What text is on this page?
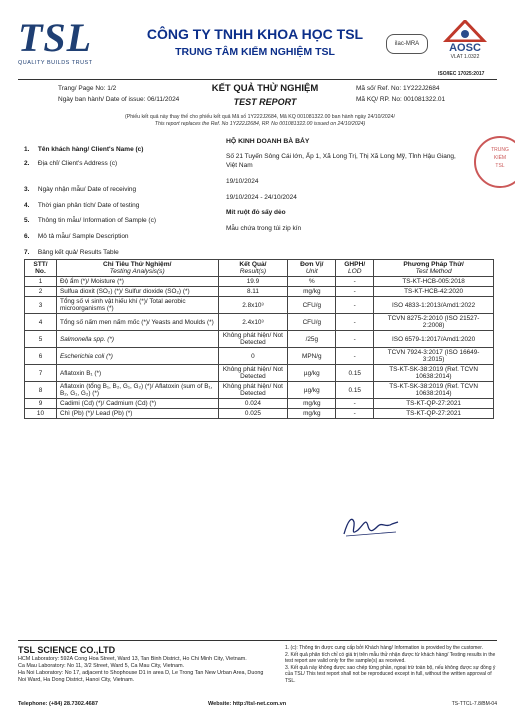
TSL
QUALITY BUILDS TRUST
CÔNG TY TNHH KHOA HỌC TSL
TRUNG TÂM KIỂM NGHIỆM TSL
ilac-MRA	AOSC
VLAT 1.0322
ISO/IEC 17025:2017
Trang/ Page No: 1/2
Ngày ban hành/ Date of issue: 06/11/2024
KẾT QUẢ THỬ NGHIỆM
TEST REPORT
Mã số/ Ref. No: 1Y222J2684
Mã KQ/ RP. No: 001081322.01
(Phiếu kết quả này thay thế cho phiếu kết quả Mã số 1Y222J2684, Mã KQ 001081322.00 ban hành ngày 24/10/2024/
This report replaces the Ref. No 1Y222J2684, RP. No 001081322.00 issued on 24/10/2024)
1. Tên khách hàng/ Client's Name (c)
HỘ KINH DOANH BÀ BẢY
2. Địa chỉ/ Client's Address (c)
Số 21 Tuyến Sông Cái lớn, Ấp 1, Xã Long Trị, Thị Xã Long Mỹ, Tỉnh Hậu Giang, Việt Nam
3. Ngày nhận mẫu/ Date of receiving
19/10/2024
4. Thời gian phân tích/ Date of testing
19/10/2024 - 24/10/2024
5. Thông tin mẫu/ Information of Sample (c)
Mít ruột đỏ sấy dẻo
6. Mô tả mẫu/ Sample Description
Mẫu chứa trong túi zip kín
7. Bảng kết quả/ Results Table
TRUNG
KIỂM
TSL
STT/ No.	Chỉ Tiêu Thử Nghiệm/
Testing Analysis(s)	Kết Quả/
Result(s)	Đơn Vị/
Unit	GHPH/
LOD	Phương Pháp Thử/
Test Method
1	Độ ẩm (*)/ Moisture (*)	19.9	%	-	TS-KT-HCB-005:2018
2	Sulfua dioxit (SO₂) (*)/ Sulfur dioxide (SO₂) (*)	8.11	mg/kg	-	TS-KT-HCB-42:2020
3	Tổng số vi sinh vật hiếu khí (*)/ Total aerobic microorganisms (*)	2.8x10³	CFU/g	-	ISO 4833-1:2013/Amd1:2022
4	Tổng số nấm men nấm mốc (*)/ Yeasts and Moulds (*)	2.4x10³	CFU/g	-	TCVN 8275-2:2010 (ISO 21527-2:2008)
5	Salmonella spp. (*)	Không phát hiện/ Not Detected	/25g	-	ISO 6579-1:2017/Amd1:2020
6	Escherichia coli (*)	0	MPN/g	-	TCVN 7924-3:2017 (ISO 16649-3:2015)
7	Aflatoxin B₁ (*)	Không phát hiện/ Not Detected	µg/kg	0.15	TS-KT-SK-38:2019 (Ref. TCVN 10638:2014)
8	Aflatoxin (tổng B₁, B₂, G₁, G₂) (*)/ Aflatoxin (sum of B₁, B₂, G₁, G₂) (*)	Không phát hiện/ Not Detected	µg/kg	0.15	TS-KT-SK-38:2019 (Ref. TCVN 10638:2014)
9	Cadimi (Cd) (*)/ Cadmium (Cd) (*)	0.024	mg/kg	-	TS-KT-QP-27:2021
10	Chì (Pb) (*)/ Lead (Pb) (*)	0.025	mg/kg	-	TS-KT-QP-27:2021
TSL SCIENCE CO.,LTD
HCM Laboratory: 592A Cong Hoa Street, Ward 13, Tan Binh District, Ho Chi Minh City, Vietnam.
Ca Mau Laboratory: No 11, 3/2 Street, Ward 5, Ca Mau City, Vietnam.
Ha Noi Laboratory: No 17, adjacent to Shophouse D1 in area D, Le Trong Tan New Urban Area, Duong Noi Ward, Ha Dong District, Hanoi City, Vietnam.
1. (c): Thông tin được cung cấp bởi Khách hàng/ Information is provided by the customer.
2. Kết quả phân tích chỉ có giá trị trên mẫu thử nhận được từ khách hàng/ Testing results in the test report are valid only for the sample(s) as received.
3. Kết quả này không được sao chép từng phần, ngoại trừ toàn bộ, nếu không được sự đồng ý của TSL/ This test report shall not be reproduced except in full, without the written approval of TSL.
Telephone: (+84) 28.7302.4687	Website: http://tsl-net.com.vn	TS-TTCL-7.8/BM-04
